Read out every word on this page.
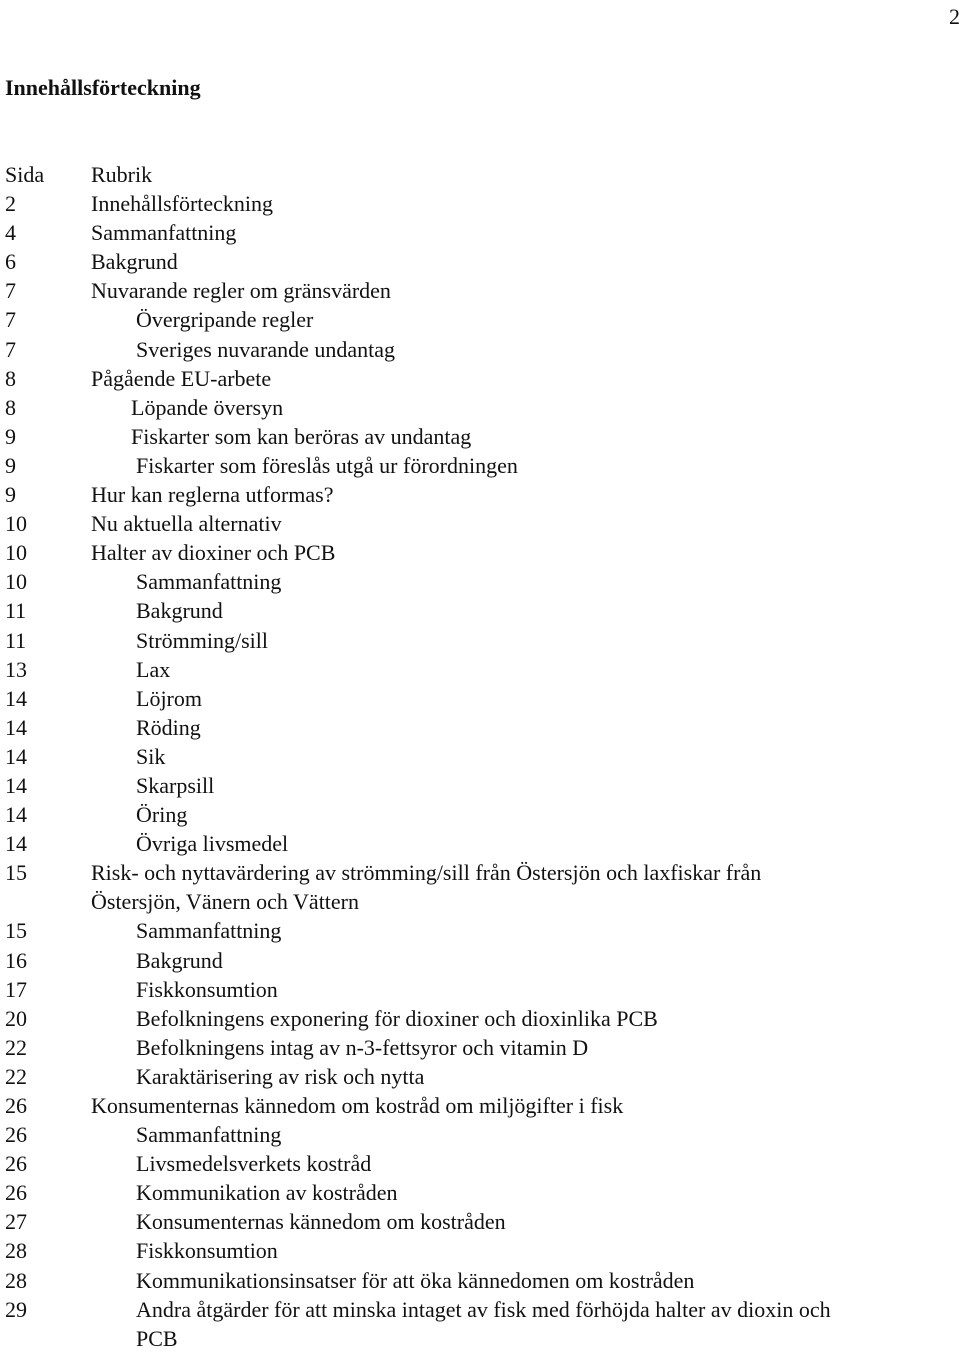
2
Innehållsförteckning
Sida	Rubrik
2	Innehållsförteckning
4	Sammanfattning
6	Bakgrund
7	Nuvarande regler om gränsvärden
7	Övergripande regler
7	Sveriges nuvarande undantag
8	Pågående EU-arbete
8	Löpande översyn
9	Fiskarter som kan beröras av undantag
9	Fiskarter som föreslås utgå ur förordningen
9	Hur kan reglerna utformas?
10	Nu aktuella alternativ
10	Halter av dioxiner och PCB
10	Sammanfattning
11	Bakgrund
11	Strömming/sill
13	Lax
14	Löjrom
14	Röding
14	Sik
14	Skarpsill
14	Öring
14	Övriga livsmedel
15	Risk- och nyttavärdering av strömming/sill från Östersjön och laxfiskar från
Östersjön, Vänern och Vättern
15	Sammanfattning
16	Bakgrund
17	Fiskkonsumtion
20	Befolkningens exponering för dioxiner och dioxinlika PCB
22	Befolkningens intag av n-3-fettsyror och vitamin D
22	Karaktärisering av risk och nytta
26	Konsumenternas kännedom om kostråd om miljögifter i fisk
26	Sammanfattning
26	Livsmedelsverkets kostråd
26	Kommunikation av kostråden
27	Konsumenternas kännedom om kostråden
28	Fiskkonsumtion
28	Kommunikationsinsatser för att öka kännedomen om kostråden
29	Andra åtgärder för att minska intaget av fisk med förhöjda halter av dioxin och
PCB
